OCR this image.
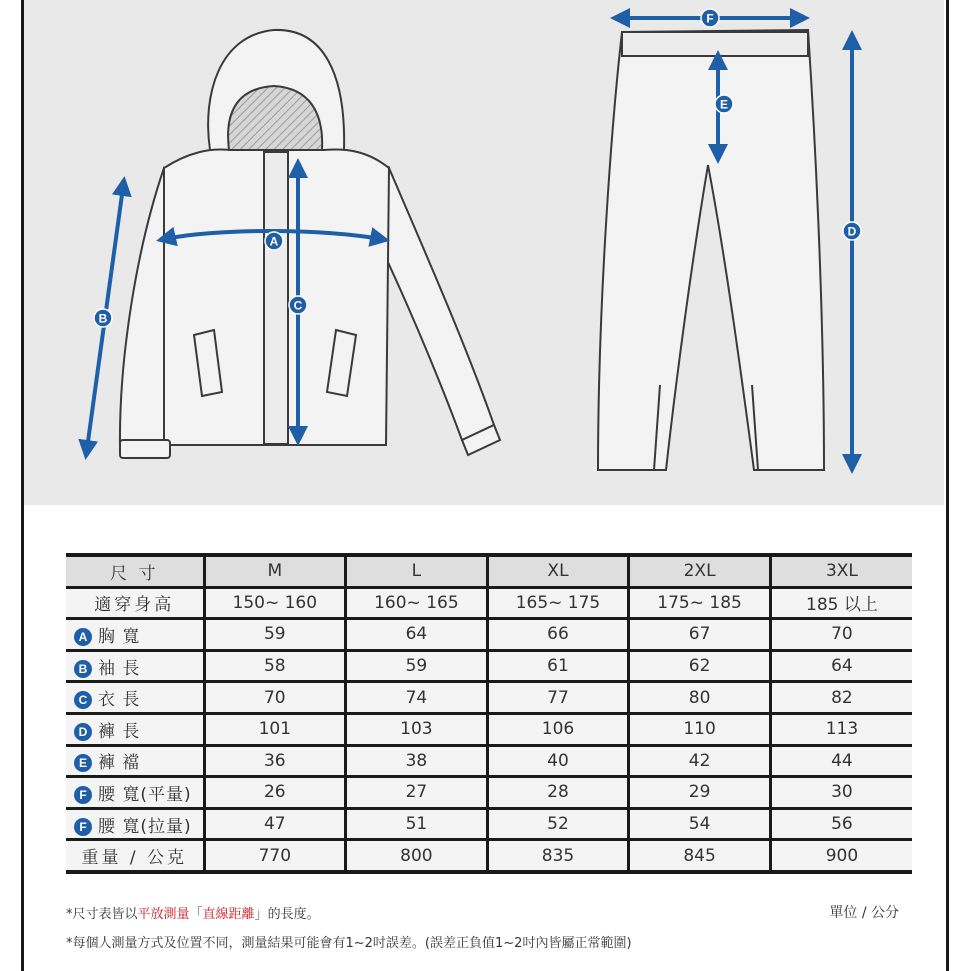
A
B
C
D
E
F
尺 寸	M	L	XL	2XL	3XL
適穿身高	150~ 160	160~ 165	165~ 175	175~ 185	185 以上
A 胸 寬	59	64	66	67	70
B 袖 長	58	59	61	62	64
C 衣 長	70	74	77	80	82
D 褲 長	101	103	106	110	113
E 褲 襠	36	38	40	42	44
F 腰 寬(平量)	26	27	28	29	30
F 腰 寬(拉量)	47	51	52	54	56
重量 / 公克	770	800	835	845	900
*尺寸表皆以平放測量「直線距離」的長度。
*每個人測量方式及位置不同，測量結果可能會有1~2吋誤差。(誤差正負值1~2吋內皆屬正常範圍)
單位 / 公分
